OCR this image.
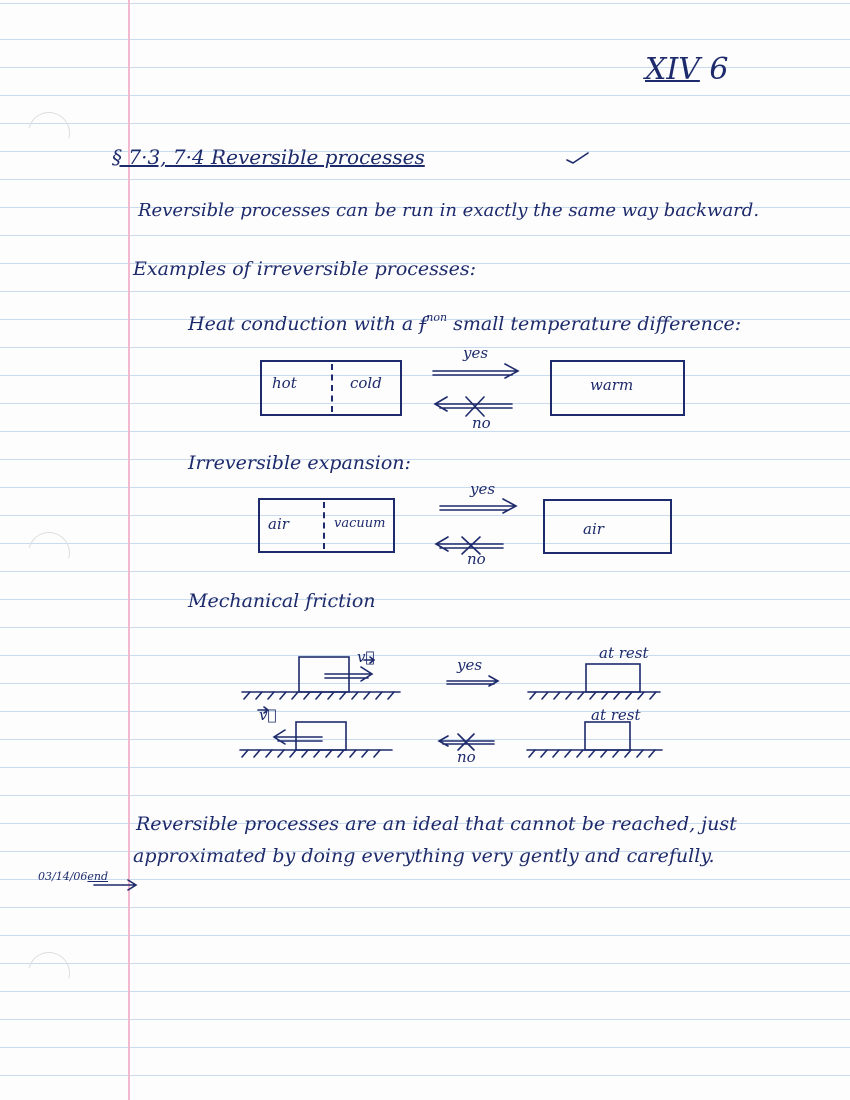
XIV 6
§ 7·3, 7·4 Reversible processes
Reversible processes can be run in exactly the same way backward.
Examples of irreversible processes:
Heat conduction with a $f^{non}$ small temperature difference:
hot	cold
yes
no
warm
Irreversible expansion:
air	vacuum
yes
no
air
Mechanical friction
v⃗
v⃗
yes
no
at rest
at rest
Reversible processes are an ideal that cannot be reached, just
approximated by doing everything very gently and carefully.
03/14/06end
